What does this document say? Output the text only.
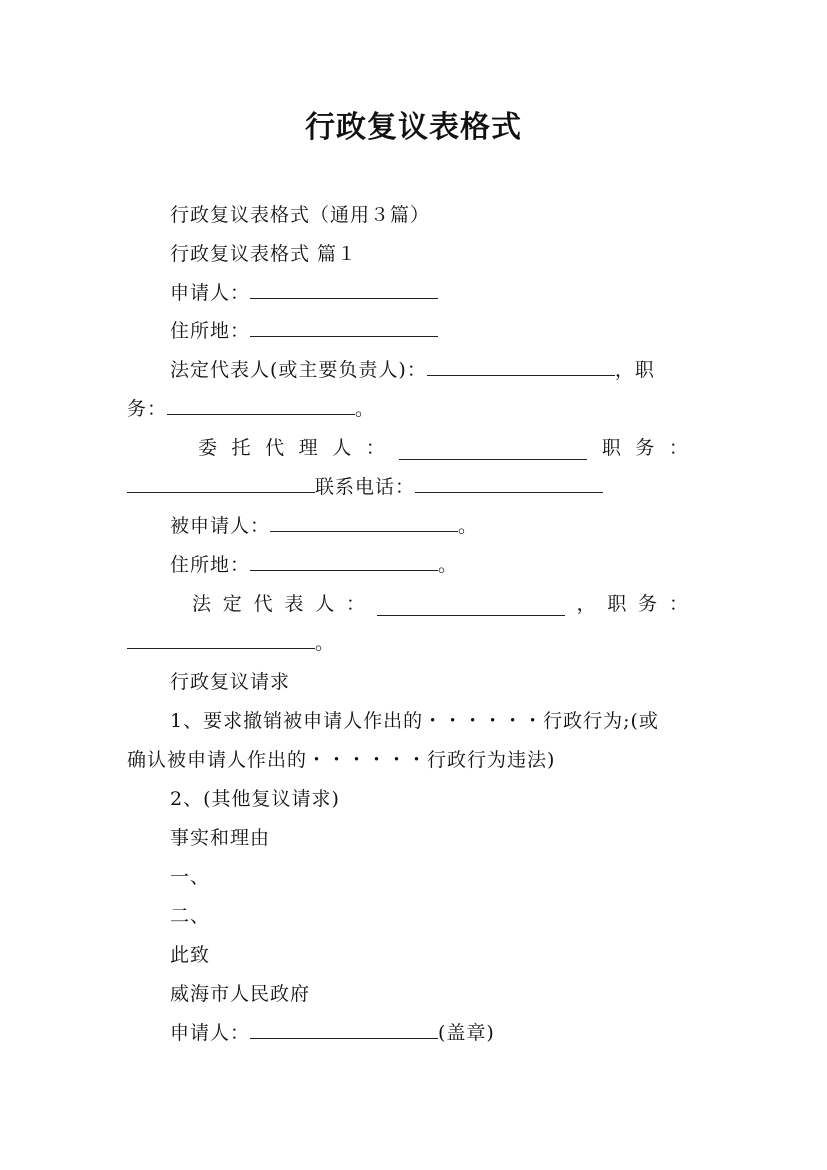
行政复议表格式
行政复议表格式（通用３篇）
行政复议表格式 篇１
申请人：
住所地：
法定代表人(或主要负责人)：	，职
务：	。
委 托 代 理 人 ：	职 务 ：
联系电话：
被申请人：	。
住所地：	。
法 定 代 表 人 ：	， 职 务 ：
。
行政复议请求
1、要求撤销被申请人作出的・・・・・・行政行为;(或
确认被申请人作出的・・・・・・行政行为违法)
2、(其他复议请求)
事实和理由
一、
二、
此致
威海市人民政府
申请人：	(盖章)
